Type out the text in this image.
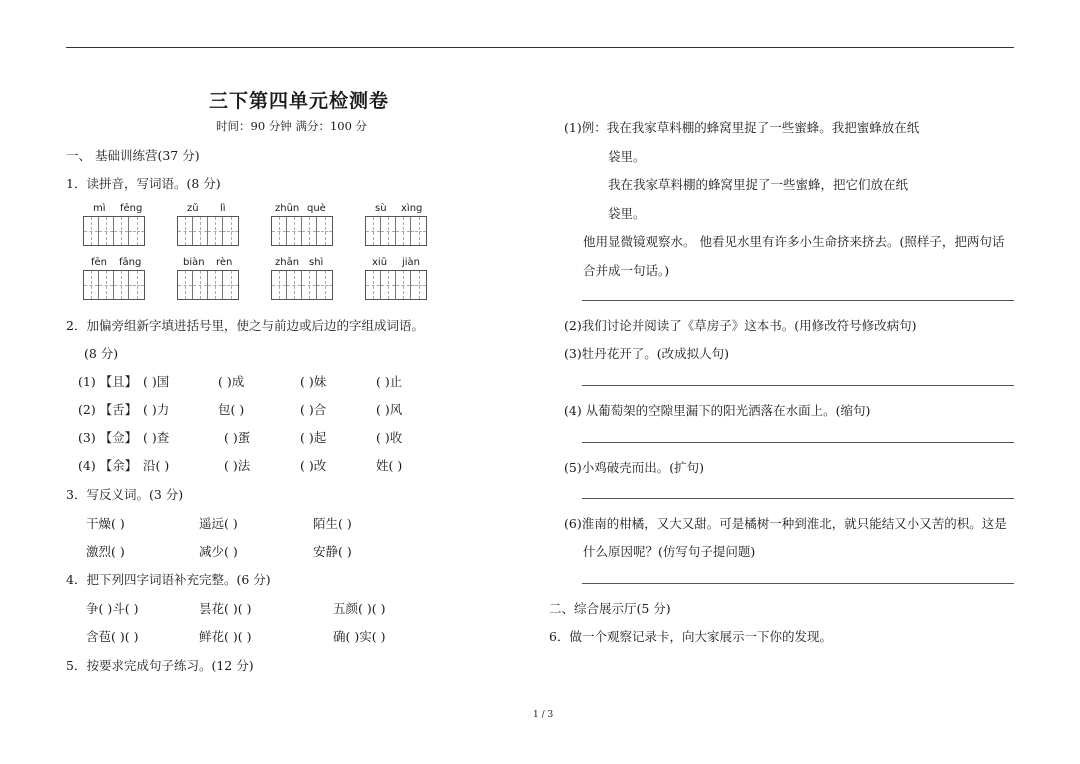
三下第四单元检测卷
时间：90 分钟 满分：100 分
一、 基础训练营(37 分)
1．读拼音，写词语。(8 分)
mì fēng	zǔ lì	zhūn què	sù xìng
fēn fāng	biàn rèn	zhān shì	xiū jiàn
2．加偏旁组新字填进括号里，使之与前边或后边的字组成词语。
(8 分)
(1) 【且】 ( )国	( )成	( )妹	( )止
(2) 【舌】 ( )力	包( )	( )合	( )风
(3) 【佥】 ( )查	( )蛋	( )起	( )收
(4) 【余】 沿( )	( )法	( )改	姓( )
3．写反义词。(3 分)
干燥( )	遥远( )	陌生( )
激烈( )	减少( )	安静( )
4．把下列四字词语补充完整。(6 分)
争( )斗( )	昙花( )( )	五颜( )( )
含苞( )( )	鲜花( )( )	确( )实( )
5．按要求完成句子练习。(12 分)
(1)例：我在我家草料棚的蜂窝里捉了一些蜜蜂。我把蜜蜂放在纸
袋里。
我在我家草料棚的蜂窝里捉了一些蜜蜂，把它们放在纸
袋里。
他用显微镜观察水。 他看见水里有许多小生命挤来挤去。(照样子，把两句话
合并成一句话。)
(2)我们讨论并阅读了《草房子》这本书。(用修改符号修改病句)
(3)牡丹花开了。(改成拟人句)
(4) 从葡萄架的空隙里漏下的阳光洒落在水面上。(缩句)
(5)小鸡破壳而出。(扩句)
(6)淮南的柑橘，又大又甜。可是橘树一种到淮北，就只能结又小又苦的枳。这是
什么原因呢？(仿写句子提问题)
二、综合展示厅(5 分)
6．做一个观察记录卡，向大家展示一下你的发现。
1 / 3
